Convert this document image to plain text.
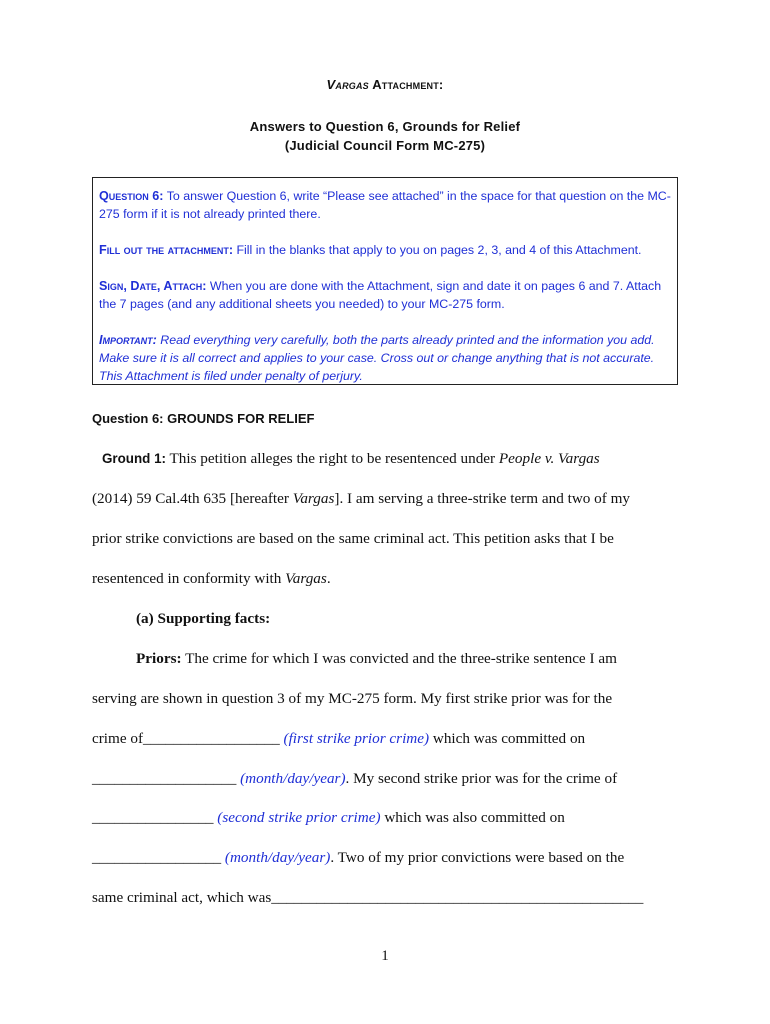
Vargas Attachment:
Answers to Question 6, Grounds for Relief
(Judicial Council Form MC-275)

Question 6: To answer Question 6, write “Please see attached” in the space for that question on the MC-275 form if it is not already printed there.

Fill out the attachment: Fill in the blanks that apply to you on pages 2, 3, and 4 of this Attachment.

Sign, Date, Attach: When you are done with the Attachment, sign and date it on pages 6 and 7. Attach the 7 pages (and any additional sheets you needed) to your MC-275 form.

Important: Read everything very carefully, both the parts already printed and the information you add. Make sure it is all correct and applies to your case. Cross out or change anything that is not accurate. This Attachment is filed under penalty of perjury.

Question 6: GROUNDS FOR RELIEF
Ground 1: This petition alleges the right to be resentenced under People v. Vargas
(2014) 59 Cal.4th 635 [hereafter Vargas]. I am serving a three-strike term and two of my
prior strike convictions are based on the same criminal act. This petition asks that I be
resentenced in conformity with Vargas.
(a) Supporting facts:
Priors: The crime for which I was convicted and the three-strike sentence I am
serving are shown in question 3 of my MC-275 form. My first strike prior was for the
crime of__________________ (first strike prior crime) which was committed on
___________________ (month/day/year). My second strike prior was for the crime of
________________ (second strike prior crime) which was also committed on
_________________ (month/day/year). Two of my prior convictions were based on the
same criminal act, which was_________________________________________________
1
